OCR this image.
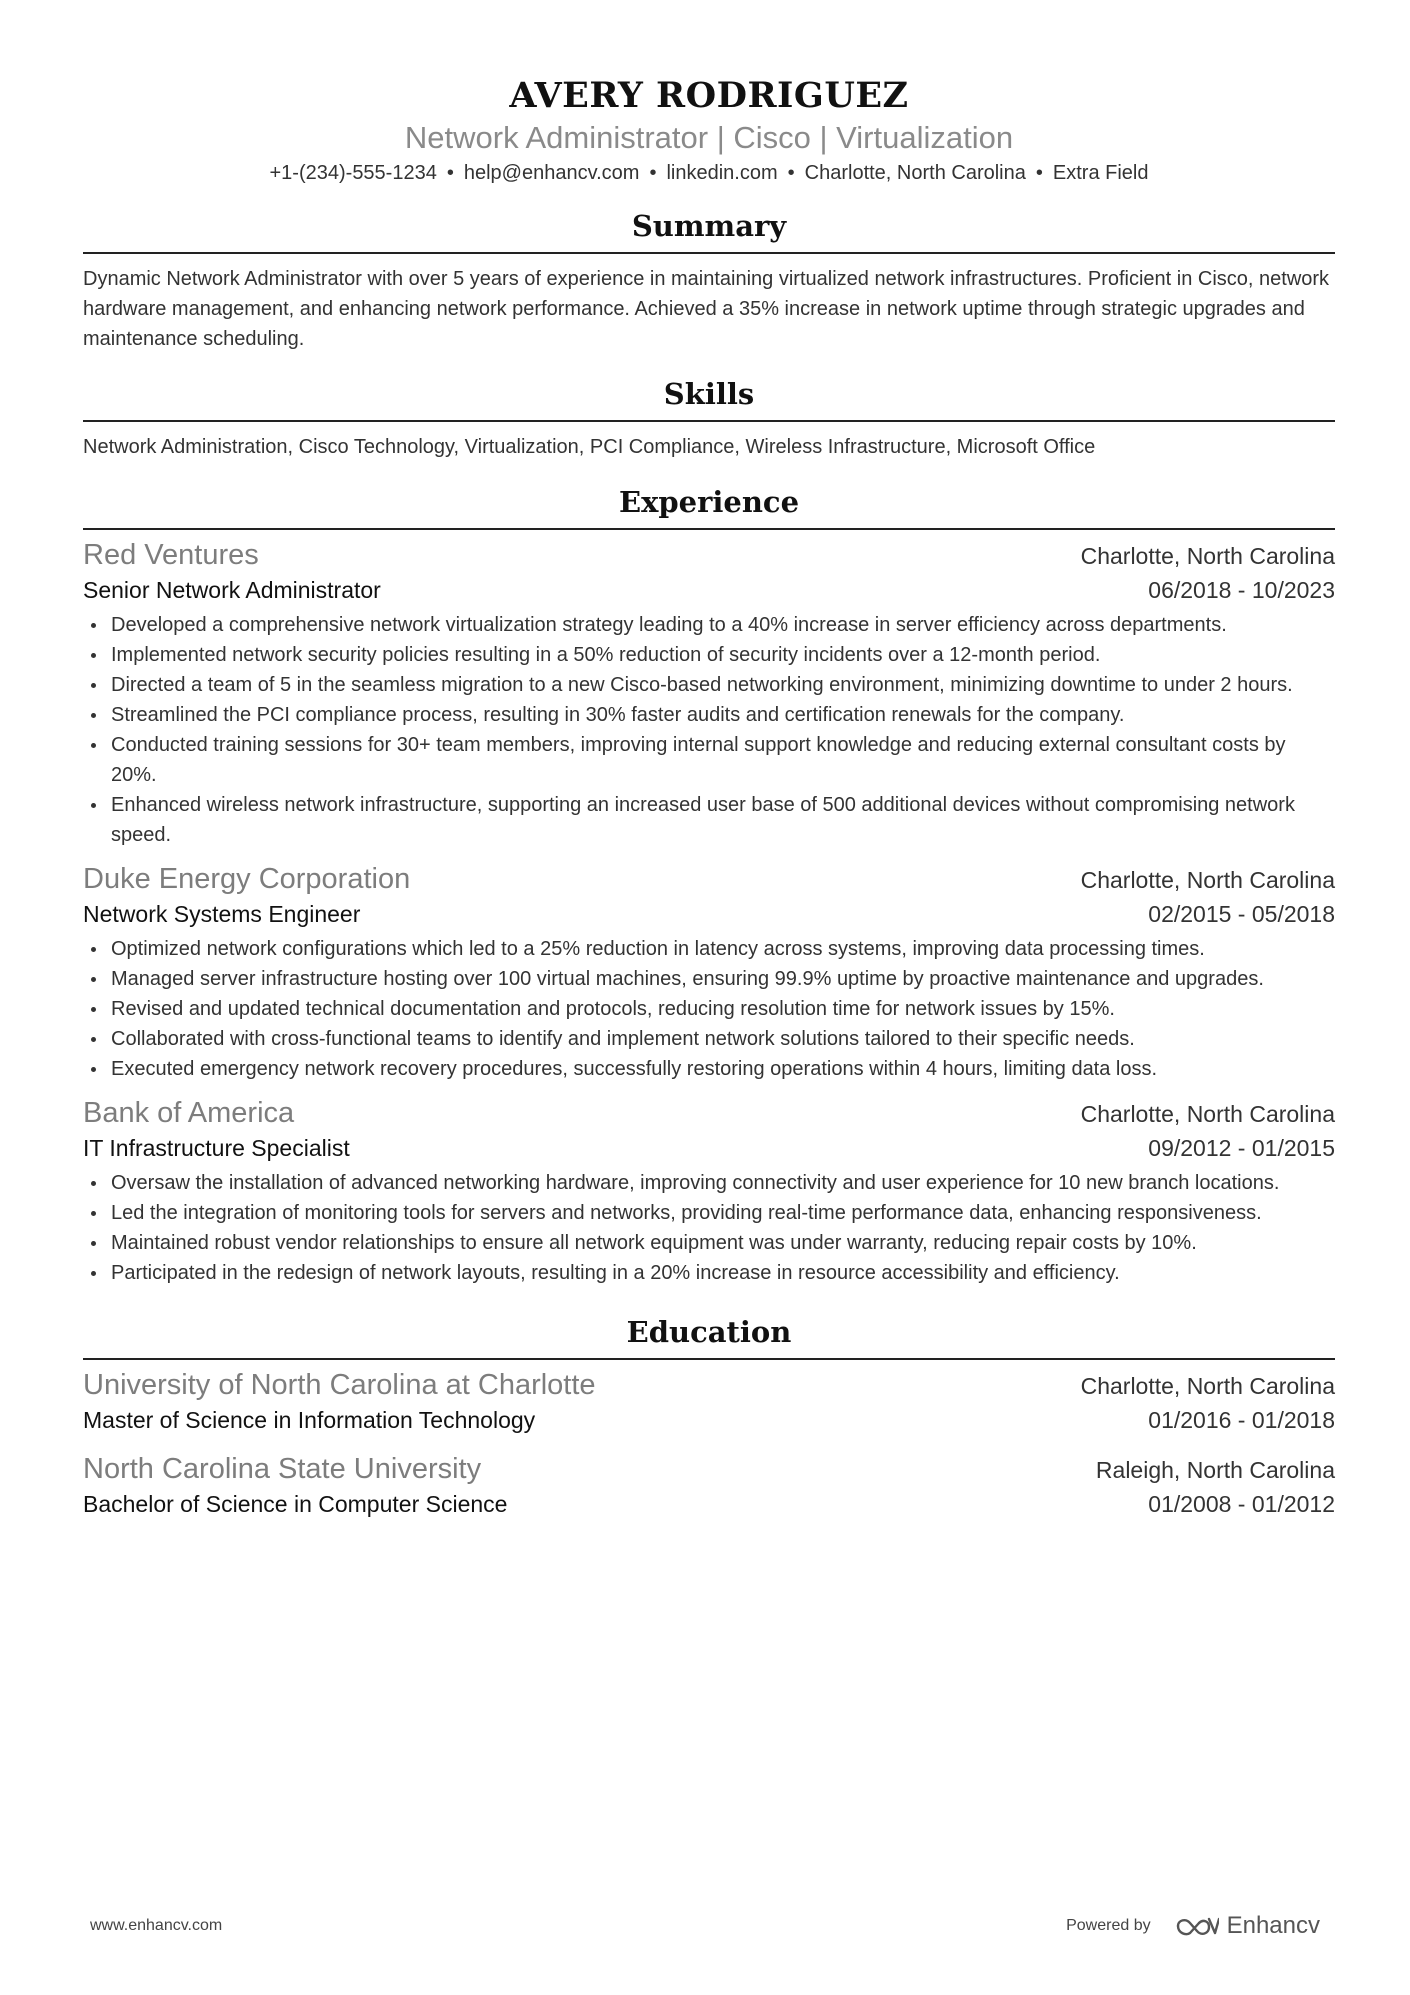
AVERY RODRIGUEZ
Network Administrator | Cisco | Virtualization
+1-(234)-555-1234 • help@enhancv.com • linkedin.com • Charlotte, North Carolina • Extra Field
Summary
Dynamic Network Administrator with over 5 years of experience in maintaining virtualized network infrastructures. Proficient in Cisco, network hardware management, and enhancing network performance. Achieved a 35% increase in network uptime through strategic upgrades and maintenance scheduling.
Skills
Network Administration, Cisco Technology, Virtualization, PCI Compliance, Wireless Infrastructure, Microsoft Office
Experience
Red Ventures	Charlotte, North Carolina
Senior Network Administrator	06/2018 - 10/2023
Developed a comprehensive network virtualization strategy leading to a 40% increase in server efficiency across departments.
Implemented network security policies resulting in a 50% reduction of security incidents over a 12-month period.
Directed a team of 5 in the seamless migration to a new Cisco-based networking environment, minimizing downtime to under 2 hours.
Streamlined the PCI compliance process, resulting in 30% faster audits and certification renewals for the company.
Conducted training sessions for 30+ team members, improving internal support knowledge and reducing external consultant costs by 20%.
Enhanced wireless network infrastructure, supporting an increased user base of 500 additional devices without compromising network speed.
Duke Energy Corporation	Charlotte, North Carolina
Network Systems Engineer	02/2015 - 05/2018
Optimized network configurations which led to a 25% reduction in latency across systems, improving data processing times.
Managed server infrastructure hosting over 100 virtual machines, ensuring 99.9% uptime by proactive maintenance and upgrades.
Revised and updated technical documentation and protocols, reducing resolution time for network issues by 15%.
Collaborated with cross-functional teams to identify and implement network solutions tailored to their specific needs.
Executed emergency network recovery procedures, successfully restoring operations within 4 hours, limiting data loss.
Bank of America	Charlotte, North Carolina
IT Infrastructure Specialist	09/2012 - 01/2015
Oversaw the installation of advanced networking hardware, improving connectivity and user experience for 10 new branch locations.
Led the integration of monitoring tools for servers and networks, providing real-time performance data, enhancing responsiveness.
Maintained robust vendor relationships to ensure all network equipment was under warranty, reducing repair costs by 10%.
Participated in the redesign of network layouts, resulting in a 20% increase in resource accessibility and efficiency.
Education
University of North Carolina at Charlotte	Charlotte, North Carolina
Master of Science in Information Technology	01/2016 - 01/2018
North Carolina State University	Raleigh, North Carolina
Bachelor of Science in Computer Science	01/2008 - 01/2012
www.enhancv.com	Powered by	Enhancv
